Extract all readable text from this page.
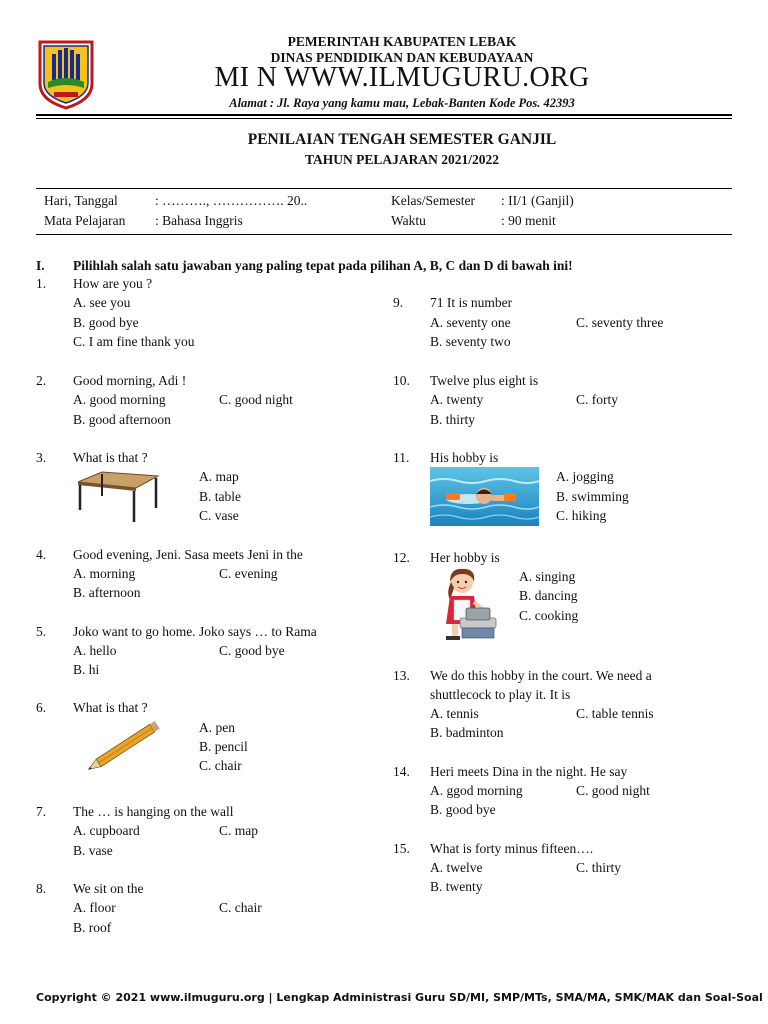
PEMERINTAH KABUPATEN LEBAK
DINAS PENDIDIKAN DAN KEBUDAYAAN
MI N WWW.ILMUGURU.ORG
Alamat : Jl. Raya yang kamu mau, Lebak-Banten Kode Pos. 42393
PENILAIAN TENGAH SEMESTER GANJIL
TAHUN PELAJARAN 2021/2022
Hari, Tanggal	: ………., ……………. 20..	Kelas/Semester : II/1 (Ganjil)
Mata Pelajaran : Bahasa Inggris	Waktu	: 90 menit
I. Pilihlah salah satu jawaban yang paling tepat pada pilihan A, B, C dan D di bawah ini!
1. How are you ?
A. see you
B. good bye
C. I am fine thank you
2. Good morning, Adi !
A. good morning	C. good night
B. good afternoon
3. What is that ?
A. map
B. table
C. vase
4. Good evening, Jeni. Sasa meets Jeni in the
A. morning	C. evening
B. afternoon
5. Joko want to go home. Joko says … to Rama
A. hello	C. good bye
B. hi
6. What is that ?
A. pen
B. pencil
C. chair
7. The … is hanging on the wall
A. cupboard	C. map
B. vase
8. We sit on the
A. floor	C. chair
B. roof
9. 71 It is number
A. seventy one	C. seventy three
B. seventy two
10. Twelve plus eight is
A. twenty	C. forty
B. thirty
11. His hobby is
A. jogging
B. swimming
C. hiking
12. Her hobby is
A. singing
B. dancing
C. cooking
13. We do this hobby in the court. We need a
shuttlecock to play it. It is
A. tennis	C. table tennis
B. badminton
14. Heri meets Dina in the night. He say
A. ggod morning	C. good night
B. good bye
15. What is forty minus fifteen….
A. twelve	C. thirty
B. twenty
Copyright © 2021 www.ilmuguru.org | Lengkap Administrasi Guru SD/MI, SMP/MTs, SMA/MA, SMK/MAK dan Soal-Soal
